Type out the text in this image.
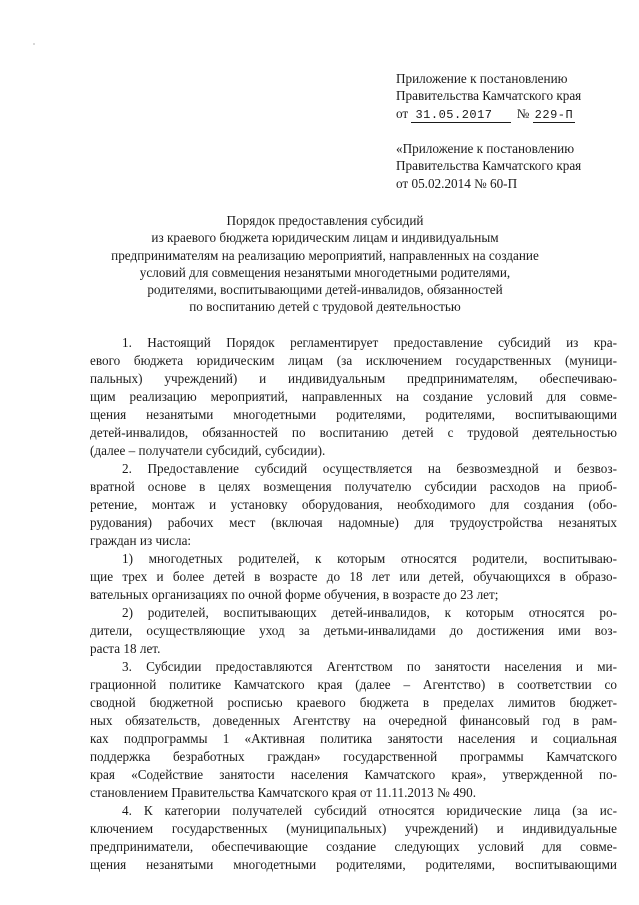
Приложение к постановлению
Правительства Камчатского края
от 31.05.2017 № 229-П
«Приложение к постановлению
Правительства Камчатского края
от 05.02.2014 № 60-П
Порядок предоставления субсидий
из краевого бюджета юридическим лицам и индивидуальным
предпринимателям на реализацию мероприятий, направленных на создание
условий для совмещения незанятыми многодетными родителями,
родителями, воспитывающими детей-инвалидов, обязанностей
по воспитанию детей с трудовой деятельностью
1. Настоящий Порядок регламентирует предоставление субсидий из кра-
евого бюджета юридическим лицам (за исключением государственных (муници-
пальных) учреждений) и индивидуальным предпринимателям, обеспечиваю-
щим реализацию мероприятий, направленных на создание условий для совме-
щения незанятыми многодетными родителями, родителями, воспитывающими
детей-инвалидов, обязанностей по воспитанию детей с трудовой деятельностью
(далее – получатели субсидий, субсидии).
2. Предоставление субсидий осуществляется на безвозмездной и безвоз-
вратной основе в целях возмещения получателю субсидии расходов на приоб-
ретение, монтаж и установку оборудования, необходимого для создания (обо-
рудования) рабочих мест (включая надомные) для трудоустройства незанятых
граждан из числа:
1) многодетных родителей, к которым относятся родители, воспитываю-
щие трех и более детей в возрасте до 18 лет или детей, обучающихся в образо-
вательных организациях по очной форме обучения, в возрасте до 23 лет;
2) родителей, воспитывающих детей-инвалидов, к которым относятся ро-
дители, осуществляющие уход за детьми-инвалидами до достижения ими воз-
раста 18 лет.
3. Субсидии предоставляются Агентством по занятости населения и ми-
грационной политике Камчатского края (далее – Агентство) в соответствии со
сводной бюджетной росписью краевого бюджета в пределах лимитов бюджет-
ных обязательств, доведенных Агентству на очередной финансовый год в рам-
ках подпрограммы 1 «Активная политика занятости населения и социальная
поддержка безработных граждан» государственной программы Камчатского
края «Содействие занятости населения Камчатского края», утвержденной по-
становлением Правительства Камчатского края от 11.11.2013 № 490.
4. К категории получателей субсидий относятся юридические лица (за ис-
ключением государственных (муниципальных) учреждений) и индивидуальные
предприниматели, обеспечивающие создание следующих условий для совме-
щения незанятыми многодетными родителями, родителями, воспитывающими
